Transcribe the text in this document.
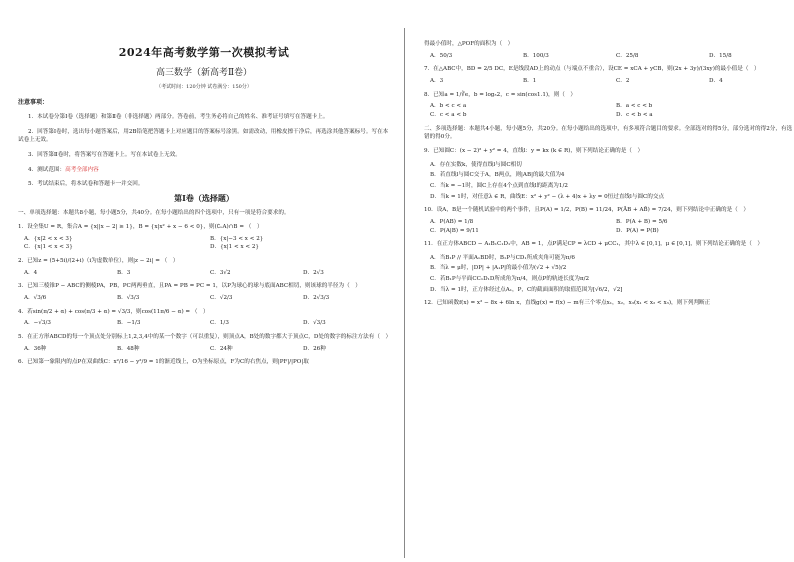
2024年高考数学第一次模拟考试
高三数学（新高考Ⅱ卷）
（考试时间：120分钟 试卷满分：150分）
注意事项：
1．本试卷分第Ⅰ卷（选择题）和第Ⅱ卷（非选择题）两部分。答卷前，考生务必将自己的姓名、准考证号填写在答题卡上。
2．回答第Ⅰ卷时，选出每小题答案后，用2B铅笔把答题卡上对应题目的答案标号涂黑。如需改动，用橡皮擦干净后，再选涂其他答案标号。写在本试卷上无效。
3．回答第Ⅱ卷时，将答案写在答题卡上。写在本试卷上无效。
4．测试范围：高考全部内容
5．考试结束后，将本试卷和答题卡一并交回。
第Ⅰ卷（选择题）
一、单项选择题：本题共8小题，每小题5分，共40分。在每小题给出的四个选项中，只有一项是符合要求的。
1．设全集U = R，集合A = {x||x − 2| ≥ 1}，B = {x|x² + x − 6 < 0}，则(∁ᵤA)∩B = （　）
A．{x|2 < x < 3}	B．{x|−3 < x < 2}
C．{x|1 < x < 3}	D．{x|1 < x < 2}
2．已知z = (5+5i)/(2+i)（i为虚数单位），则|z − 2i| = （　）
A．4	B．3	C．3√2	D．2√3
3．已知三棱锥P − ABC的侧棱PA，PB，PC两两垂直，且PA = PB = PC = 1，以P为球心的球与底面ABC相切，则该球的半径为（　）
A．√3/6	B．√3/3	C．√2/3	D．2√3/3
4．若sin(π/2 + α) + cos(π/3 + α) = √3/3，则cos(11π/6 − α) = （　）
A．−√3/3	B．−1/3	C．1/3	D．√3/3
5．在正方形ABCD的每一个顶点处分别标上1,2,3,4中的某一个数字（可以重复），则顶点A，B处的数字都大于顶点C，D处的数字的标注方法有（　）
A．36种	B．48种	C．24种	D．26种
6．已知第一象限内的点P在双曲线C：x²/16 − y²/9 = 1的渐近线上，O为坐标原点，F为C的右焦点，则|PF|/|PO|取
得最小值时，△POF的面积为（　）
A．50/3	B．100/3	C．25/8	D．15/8
7．在△ABC中，BD = 2/5 DC，E是线段AD上的动点（与端点不重合），设CE = xCA + yCB，则(2x + 3y)/(3xy)的最小值是（　）
A．3	B．1	C．2	D．4
8．已知a = 1/∛e，b = log₃2，c = sin(cos1.1)，则（　）
A．b < c < a	B．a < c < b
C．c < a < b	D．c < b < a
二、多项选择题：本题共4小题，每小题5分，共20分。在每小题给出的选项中，有多项符合题目的要求。全部选对的得5分，部分选对的得2分，有选错的得0分。
9．已知圆C：(x − 2)² + y² = 4，直线l：y = kx (k ∈ R)，则下列结论正确的是（　）
A．存在实数k，使得直线l与圆C相切
B．若直线l与圆C交于A，B两点，则|AB|的最大值为4
C．当k = −1时，圆C上存在4个点到直线l的距离为1/2
D．当k = 1时，对任意λ ∈ R，曲线E：x² + y² − (λ + 4)x + λy = 0恒过直线l与圆C的交点
10．设A，B是一个随机试验中的两个事件，且P(A) = 1/2，P(B) = 11/24，P(ĀB + AB̄) = 7/24，则下列结论中正确的是（　）
A．P(AB) = 1/8	B．P(A + B) = 5/6
C．P(A|B) = 9/11	D．P(A) = P(B)
11．在正方体ABCD − A₁B₁C₁D₁中，AB = 1，点P满足CP = λCD + μCC₁，其中λ ∈ [0,1]，μ ∈ [0,1]，则下列结论正确的是（　）
A．当B₁P // 平面A₁BD时，B₁P与CD₁所成夹角可能为π/6
B．当λ = μ时，|DP| + |A₁P|的最小值为(√2 + √5)/2
C．若B₁P与平面CC₁D₁D所成角为π/4，则点P的轨迹长度为π/2
D．当λ = 1时，正方体经过点A₁，P，C的截面面积的取值范围为[√6/2，√2]
12．已知函数f(x) = x² − 8x + 6ln x，直线g(x) = f(x) − m有三个零点x₁，x₂，x₃(x₁ < x₂ < x₃)，则下列判断正
